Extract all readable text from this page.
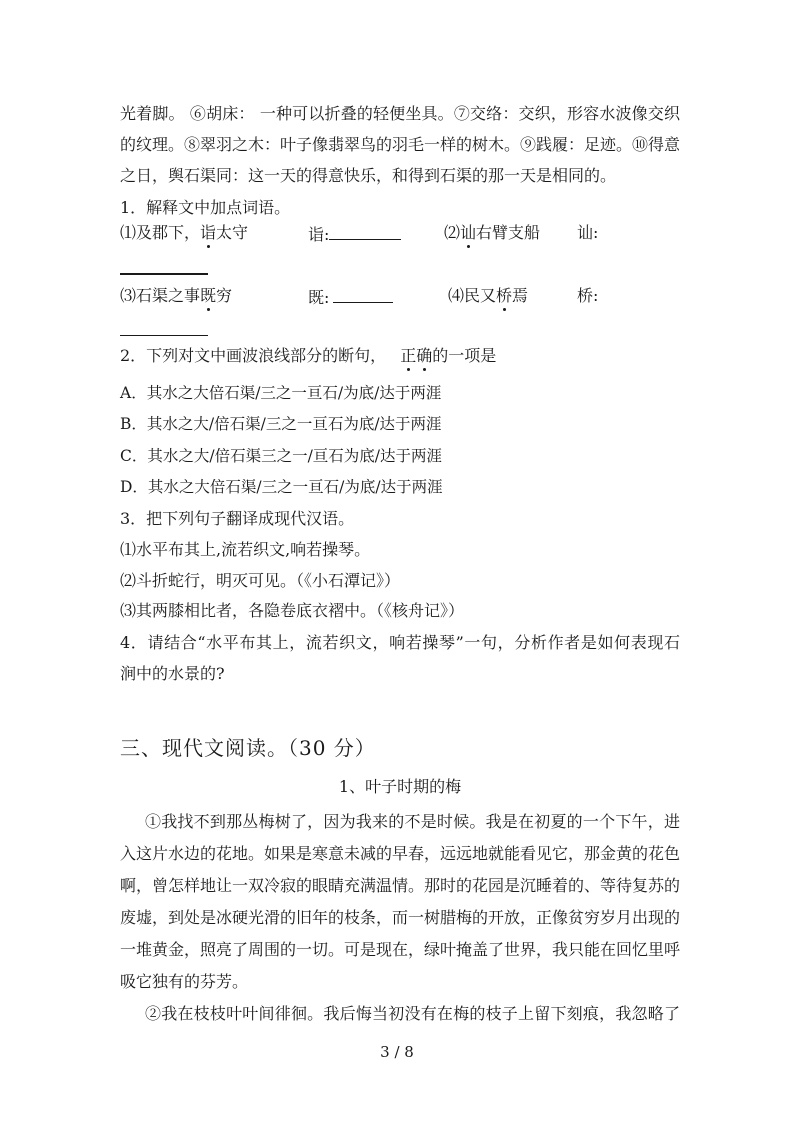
光着脚。 ⑥胡床： 一种可以折叠的轻便坐具。⑦交络：交织，形容水波像交织
的纹理。⑧翠羽之木：叶子像翡翠鸟的羽毛一样的树木。⑨践履：足迹。⑩得意
之日，舆石渠同：这一天的得意快乐，和得到石渠的那一天是相同的。
1．解释文中加点词语。
⑴及郡下，诣太守	诣:	⑵讪右臂支船 讪:
⑶石渠之事既穷	既:	⑷民又桥焉	桥:
2．下列对文中画波浪线部分的断句， 正确的一项是
A．其水之大倍石渠/三之一亘石/为底/达于两涯
B．其水之大/倍石渠/三之一亘石为底/达于两涯
C．其水之大/倍石渠三之一/亘石为底/达于两涯
D．其水之大倍石渠/三之一亘石/为底/达于两涯
3．把下列句子翻译成现代汉语。
⑴水平布其上,流若织文,响若操琴。
⑵斗折蛇行，明灭可见。（《小石潭记》）
⑶其两膝相比者，各隐卷底衣褶中。（《核舟记》）
4．请结合“水平布其上，流若织文，响若操琴”一句，分析作者是如何表现石
涧中的水景的?
三、现代文阅读。（30 分）
1、叶子时期的梅
①我找不到那丛梅树了，因为我来的不是时候。我是在初夏的一个下午，进
入这片水边的花地。如果是寒意未减的早春，远远地就能看见它，那金黄的花色
啊，曾怎样地让一双冷寂的眼睛充满温情。那时的花园是沉睡着的、等待复苏的
废墟，到处是冰硬光滑的旧年的枝条，而一树腊梅的开放，正像贫穷岁月出现的
一堆黄金，照亮了周围的一切。可是现在，绿叶掩盖了世界，我只能在回忆里呼
吸它独有的芬芳。
②我在枝枝叶叶间徘徊。我后悔当初没有在梅的枝子上留下刻痕，我忽略了
3 / 8
